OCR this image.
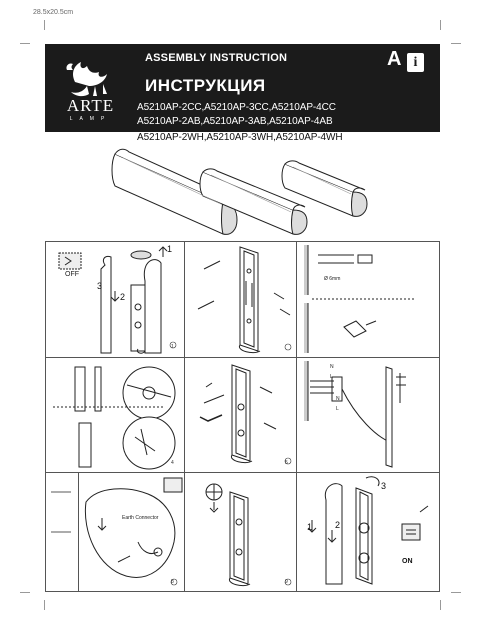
28.5x20.5cm
ARTE
LAMP
ASSEMBLY INSTRUCTION
ИНСТРУКЦИЯ
A i
A5210AP-2CC,A5210AP-3CC,A5210AP-4CC
A5210AP-2AB,A5210AP-3AB,A5210AP-4AB
A5210AP-2WH,A5210AP-3WH,A5210AP-4WH
OFF
1
2
3
1
Ø 6mm
4	5
N
L
N
L
Earth Connector
8	9
3
1	2
ON
